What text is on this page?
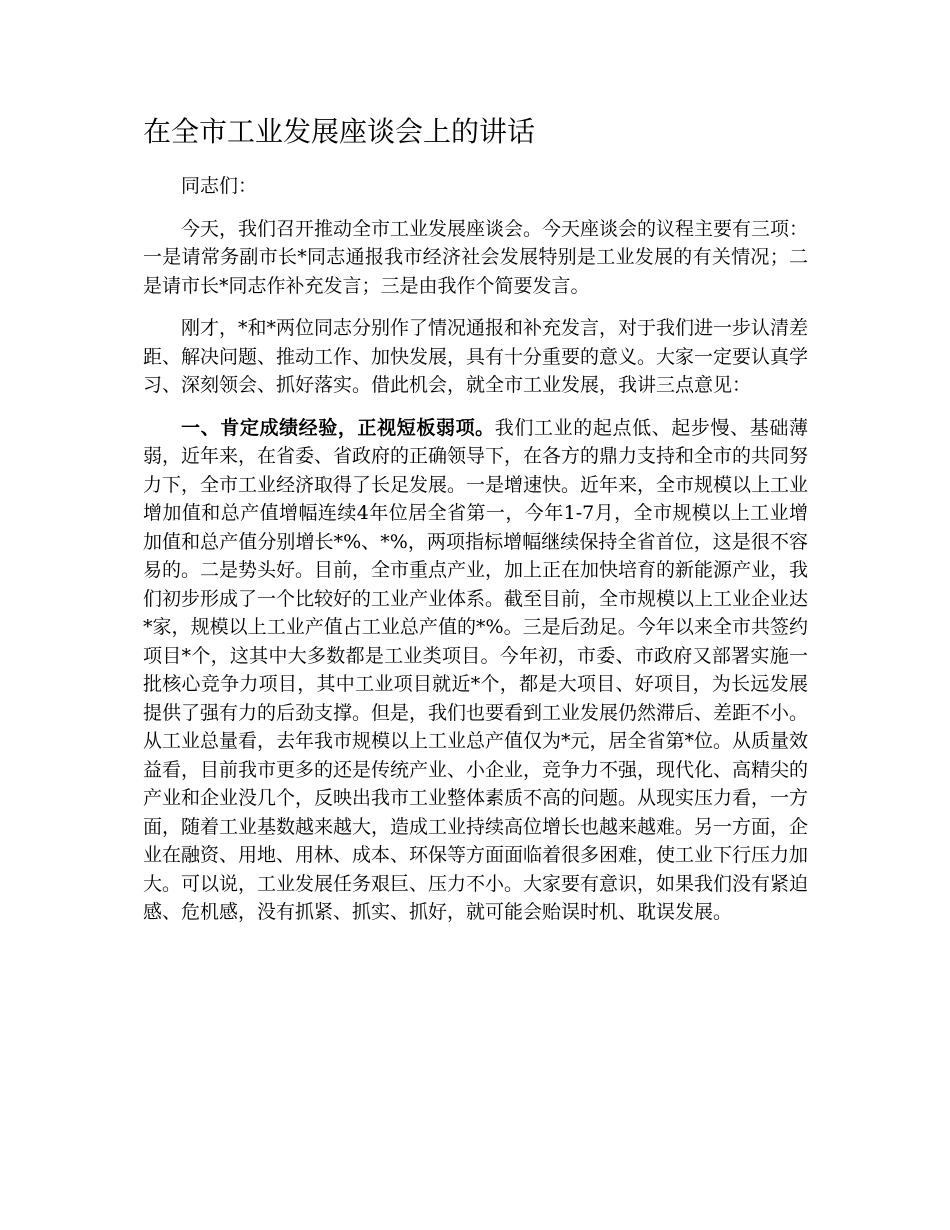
在全市工业发展座谈会上的讲话

同志们：

今天，我们召开推动全市工业发展座谈会。今天座谈会的议程主要有三项：一是请常务副市长*同志通报我市经济社会发展特别是工业发展的有关情况；二是请市长*同志作补充发言；三是由我作个简要发言。

刚才，*和*两位同志分别作了情况通报和补充发言，对于我们进一步认清差距、解决问题、推动工作、加快发展，具有十分重要的意义。大家一定要认真学习、深刻领会、抓好落实。借此机会，就全市工业发展，我讲三点意见：

一、肯定成绩经验，正视短板弱项。我们工业的起点低、起步慢、基础薄弱，近年来，在省委、省政府的正确领导下，在各方的鼎力支持和全市的共同努力下，全市工业经济取得了长足发展。一是增速快。近年来，全市规模以上工业增加值和总产值增幅连续4年位居全省第一，今年1-7月，全市规模以上工业增加值和总产值分别增长*%、*%，两项指标增幅继续保持全省首位，这是很不容易的。二是势头好。目前，全市重点产业，加上正在加快培育的新能源产业，我们初步形成了一个比较好的工业产业体系。截至目前，全市规模以上工业企业达*家，规模以上工业产值占工业总产值的*%。三是后劲足。今年以来全市共签约项目*个，这其中大多数都是工业类项目。今年初，市委、市政府又部署实施一批核心竞争力项目，其中工业项目就近*个，都是大项目、好项目，为长远发展提供了强有力的后劲支撑。但是，我们也要看到工业发展仍然滞后、差距不小。从工业总量看，去年我市规模以上工业总产值仅为*元，居全省第*位。从质量效益看，目前我市更多的还是传统产业、小企业，竞争力不强，现代化、高精尖的产业和企业没几个，反映出我市工业整体素质不高的问题。从现实压力看，一方面，随着工业基数越来越大，造成工业持续高位增长也越来越难。另一方面，企业在融资、用地、用林、成本、环保等方面面临着很多困难，使工业下行压力加大。可以说，工业发展任务艰巨、压力不小。大家要有意识，如果我们没有紧迫感、危机感，没有抓紧、抓实、抓好，就可能会贻误时机、耽误发展。
